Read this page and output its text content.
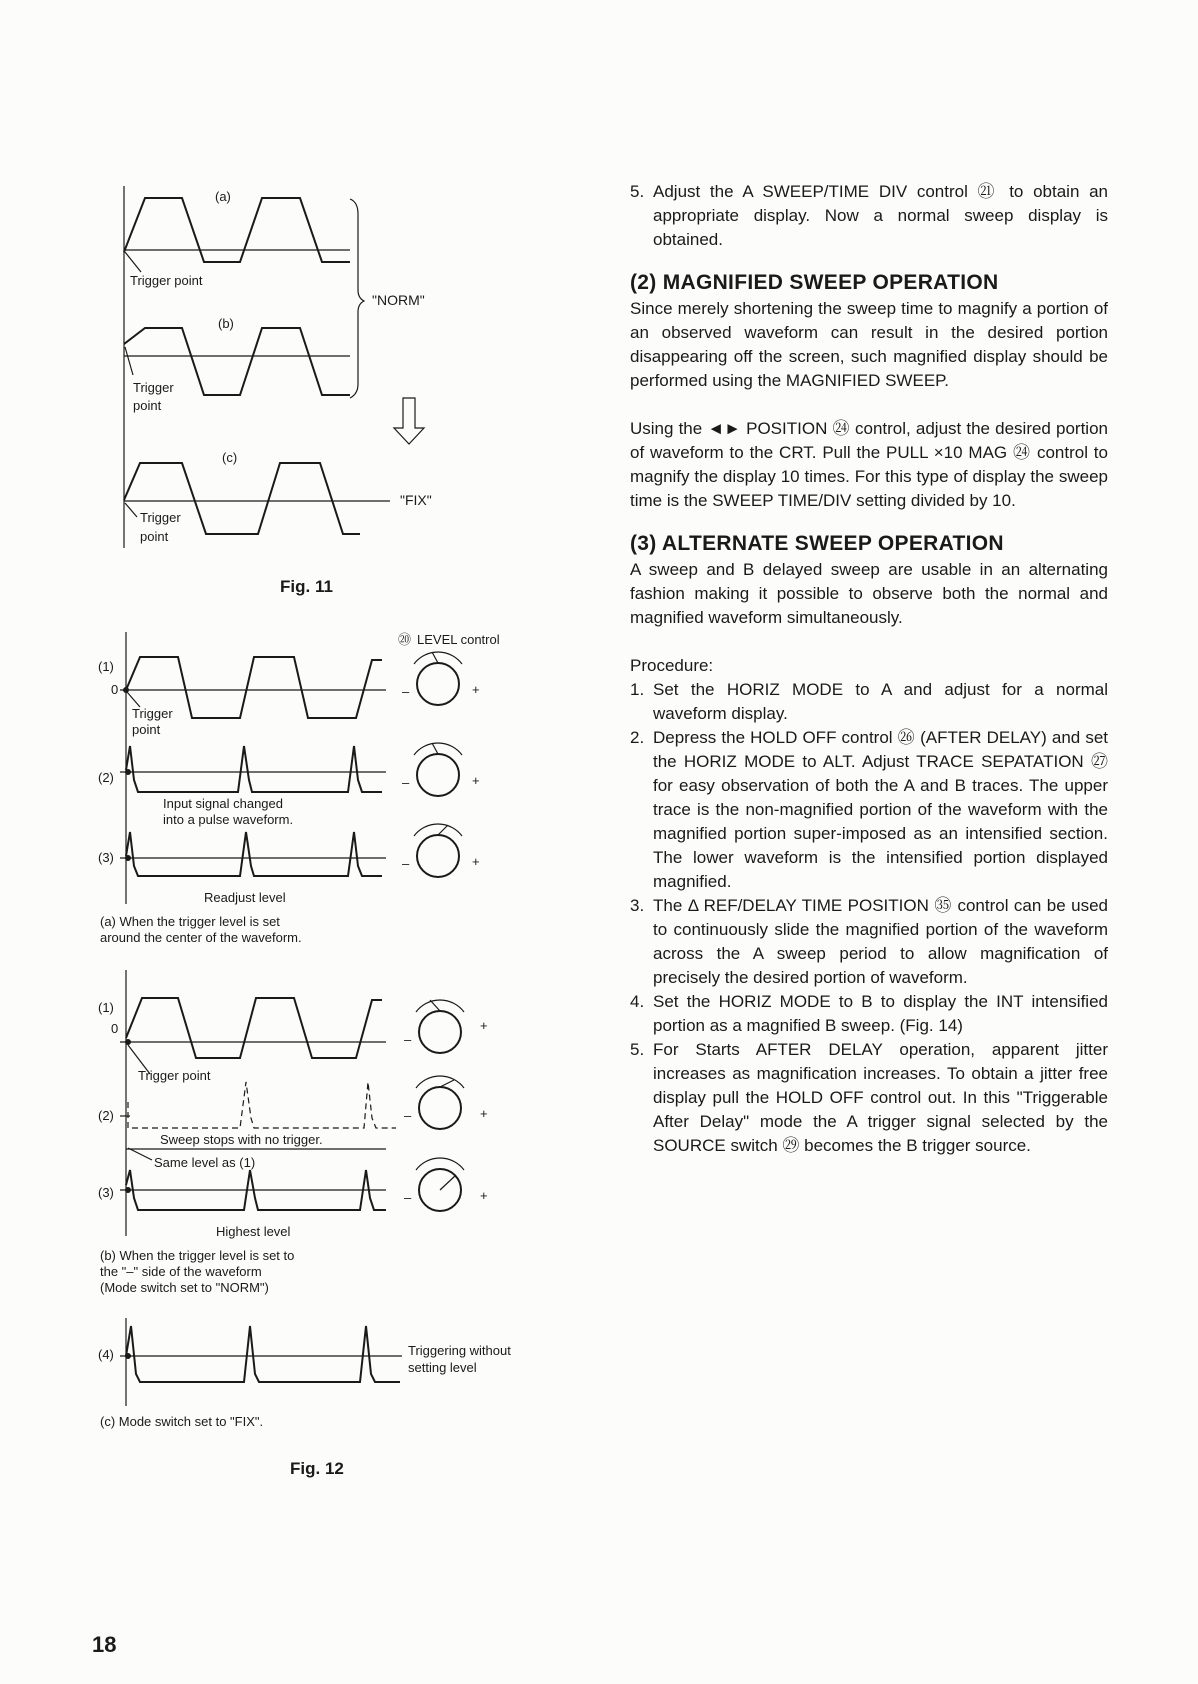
(a)
Trigger point
(b)
Trigger
point
"NORM"
(c)
Trigger
point
"FIX"
Fig. 11
⑳ LEVEL control
(1)
0
Trigger
point
–	+
(2)
Input signal changed
into a pulse waveform.
–	+
(3)
Readjust level
–	+
(a) When the trigger level is set
around the center of the waveform.
(1)
0
Trigger point
–
+
(2)
Sweep stops with no trigger.
Same level as (1)
–	+
(3)
Highest level
–	+
(b) When the trigger level is set to
the "–" side of the waveform
(Mode switch set to "NORM")
(4)	Triggering without
setting level
(c) Mode switch set to "FIX".
Fig. 12
5. Adjust the A SWEEP/TIME DIV control ㉑ to obtain an appropriate display. Now a normal sweep display is obtained.
(2) MAGNIFIED SWEEP OPERATION

Since merely shortening the sweep time to magnify a portion of an observed waveform can result in the desired portion disappearing off the screen, such magnified display should be performed using the MAGNIFIED SWEEP.

Using the ◄► POSITION ㉔ control, adjust the desired portion of waveform to the CRT. Pull the PULL ×10 MAG ㉔ control to magnify the display 10 times. For this type of display the sweep time is the SWEEP TIME/DIV setting divided by 10.

(3) ALTERNATE SWEEP OPERATION

A sweep and B delayed sweep are usable in an alternating fashion making it possible to observe both the normal and magnified waveform simultaneously.

Procedure:

1. Set the HORIZ MODE to A and adjust for a normal waveform display.
2. Depress the HOLD OFF control ㉖ (AFTER DELAY) and set the HORIZ MODE to ALT. Adjust TRACE SEPATATION ㉗ for easy observation of both the A and B traces. The upper trace is the non-magnified portion of the waveform with the magnified portion super-imposed as an intensified section. The lower waveform is the intensified portion displayed magnified.
3. The Δ REF/DELAY TIME POSITION ㉟ control can be used to continuously slide the magnified portion of the waveform across the A sweep period to allow magnification of precisely the desired portion of waveform.
4. Set the HORIZ MODE to B to display the INT intensified portion as a magnified B sweep. (Fig. 14)
5. For Starts AFTER DELAY operation, apparent jitter increases as magnification increases. To obtain a jitter free display pull the HOLD OFF control out. In this "Triggerable After Delay" mode the A trigger signal selected by the SOURCE switch ㉙ becomes the B trigger source.
18
